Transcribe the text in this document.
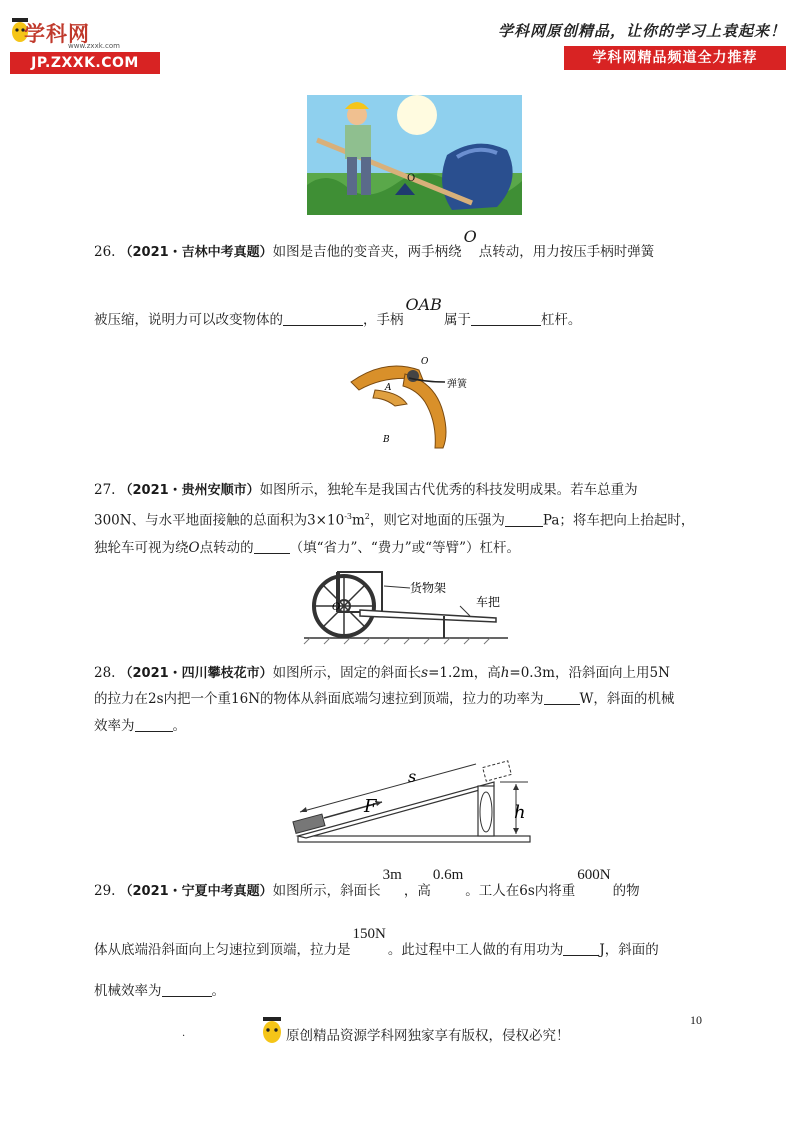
学科网
www.zxxk.com
JP.ZXXK.COM
学科网原创精品，让你的学习上袁起来！
学科网精品频道全力推荐
O

26. （2021・吉林中考真题）如图是吉他的变音夹，两手柄绕O点转动，用力按压手柄时弹簧

被压缩，说明力可以改变物体的	，手柄OAB属于	杠杆。

O
A
B
弹簧

27. （2021・贵州安顺市）如图所示，独轮车是我国古代优秀的科技发明成果。若车总重为

300N、与水平地面接触的总面积为$3\times 10^{-3}m^2$，则它对地面的压强为	Pa；将车把向上抬起时，

独轮车可视为绕O点转动的	（填“省力”、“费力”或“等臂”）杠杆。

货物架
车把
O

28. （2021・四川攀枝花市）如图所示，固定的斜面长s=1.2m，高h=0.3m，沿斜面向上用5N

的拉力在2s内把一个重16N的物体从斜面底端匀速拉到顶端，拉力的功率为	W，斜面的机械

效率为	。

s
F	h

29. （2021・宁夏中考真题）如图所示，斜面长3m，高0.6m。工人在6s内将重600N的物

体从底端沿斜面向上匀速拉到顶端，拉力是150N。此过程中工人做的有用功为	J，斜面的

机械效率为	。

.	原创精品资源学科网独家享有版权，侵权必究！
10
